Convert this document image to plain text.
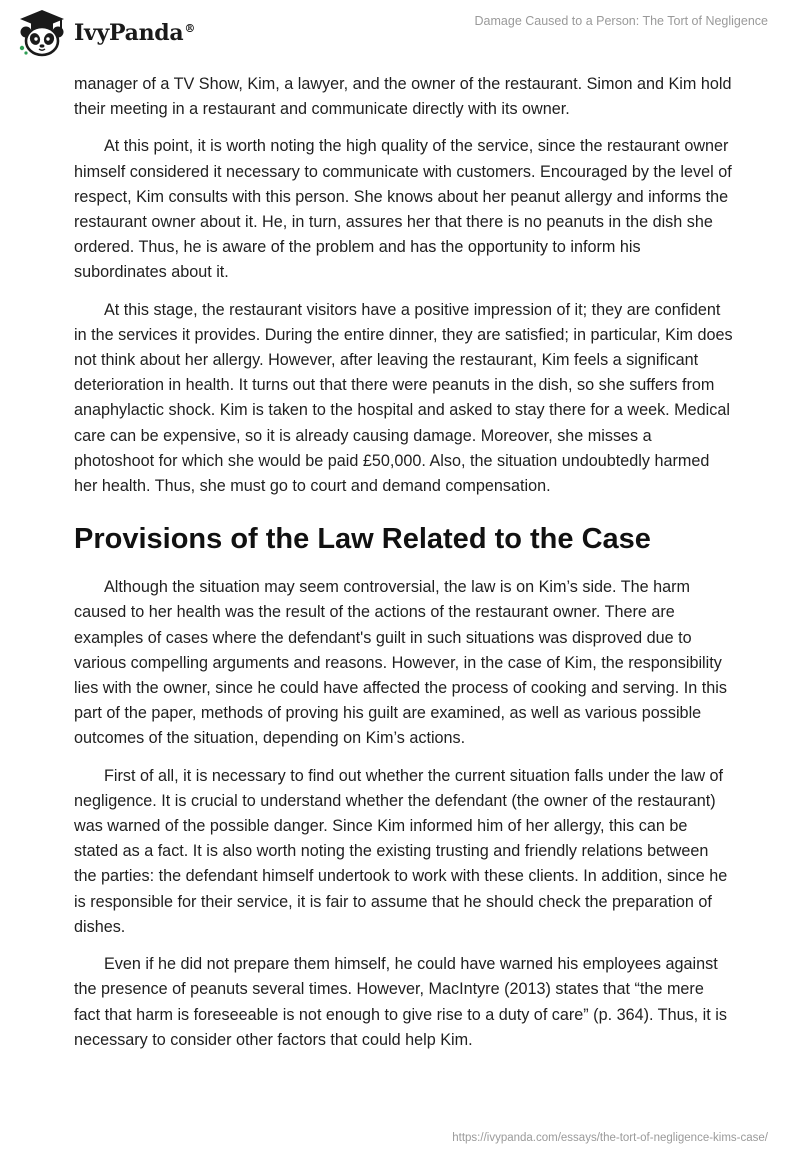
IvyPanda®
Damage Caused to a Person: The Tort of Negligence

manager of a TV Show, Kim, a lawyer, and the owner of the restaurant. Simon and Kim hold their meeting in a restaurant and communicate directly with its owner.

At this point, it is worth noting the high quality of the service, since the restaurant owner himself considered it necessary to communicate with customers. Encouraged by the level of respect, Kim consults with this person. She knows about her peanut allergy and informs the restaurant owner about it. He, in turn, assures her that there is no peanuts in the dish she ordered. Thus, he is aware of the problem and has the opportunity to inform his subordinates about it.

At this stage, the restaurant visitors have a positive impression of it; they are confident in the services it provides. During the entire dinner, they are satisfied; in particular, Kim does not think about her allergy. However, after leaving the restaurant, Kim feels a significant deterioration in health. It turns out that there were peanuts in the dish, so she suffers from anaphylactic shock. Kim is taken to the hospital and asked to stay there for a week. Medical care can be expensive, so it is already causing damage. Moreover, she misses a photoshoot for which she would be paid £50,000. Also, the situation undoubtedly harmed her health. Thus, she must go to court and demand compensation.

Provisions of the Law Related to the Case

Although the situation may seem controversial, the law is on Kim’s side. The harm caused to her health was the result of the actions of the restaurant owner. There are examples of cases where the defendant's guilt in such situations was disproved due to various compelling arguments and reasons. However, in the case of Kim, the responsibility lies with the owner, since he could have affected the process of cooking and serving. In this part of the paper, methods of proving his guilt are examined, as well as various possible outcomes of the situation, depending on Kim’s actions.

First of all, it is necessary to find out whether the current situation falls under the law of negligence. It is crucial to understand whether the defendant (the owner of the restaurant) was warned of the possible danger. Since Kim informed him of her allergy, this can be stated as a fact. It is also worth noting the existing trusting and friendly relations between the parties: the defendant himself undertook to work with these clients. In addition, since he is responsible for their service, it is fair to assume that he should check the preparation of dishes.

Even if he did not prepare them himself, he could have warned his employees against the presence of peanuts several times. However, MacIntyre (2013) states that “the mere fact that harm is foreseeable is not enough to give rise to a duty of care” (p. 364). Thus, it is necessary to consider other factors that could help Kim.

https://ivypanda.com/essays/the-tort-of-negligence-kims-case/
